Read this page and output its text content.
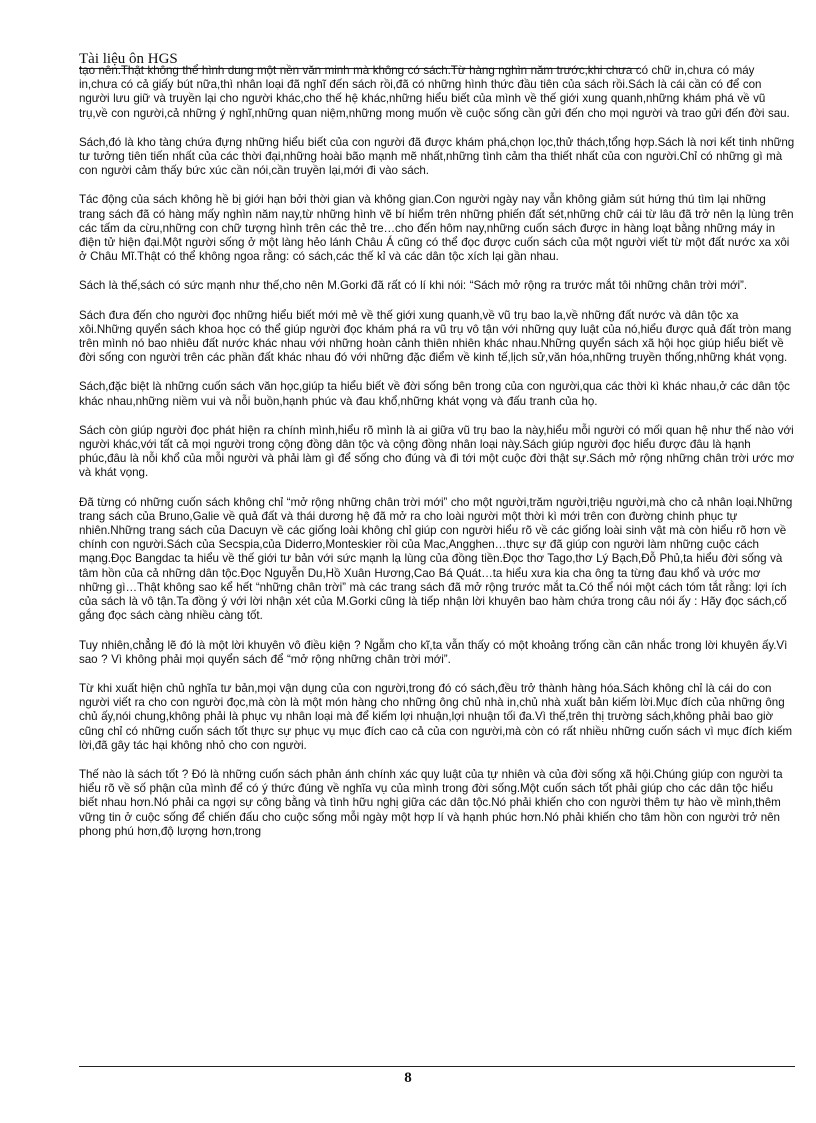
Tài liệu ôn HGS

tạo nên.Thật không thể hình dung một nền văn minh mà không có sách.Từ hàng nghìn năm trước,khi chưa có chữ in,chưa có máy in,chưa có cả giấy bút nữa,thì nhân loại đã nghĩ đến sách rồi,đã có những hình thức đầu tiên của sách rồi.Sách là cái cần có để con người lưu giữ và truyền lại cho người khác,cho thế hệ khác,những hiểu biết của mình về thế giới xung quanh,những khám phá về vũ trụ,về con người,cả những ý nghĩ,những quan niệm,những mong muốn về cuộc sống cần gửi đến cho mọi người và trao gửi đến đời sau.

Sách,đó là kho tàng chứa đựng những hiểu biết của con người đã được khám phá,chọn lọc,thử thách,tổng hợp.Sách là nơi kết tinh những tư tưởng tiên tiến nhất của các thời đại,những hoài bão mạnh mẽ nhất,những tình cảm tha thiết nhất của con người.Chỉ có những gì mà con người cảm thấy bức xúc cần nói,cần truyền lại,mới đi vào sách.

Tác động của sách không hề bị giới hạn bởi thời gian và không gian.Con người ngày nay vẫn không giảm sút hứng thú tìm lại những trang sách đã có hàng mấy nghìn năm nay,từ những hình vẽ bí hiểm trên những phiến đất sét,những chữ cái từ lâu đã trở nên lạ lùng trên các tấm da cừu,những con chữ tượng hình trên các thẻ tre…cho đến hôm nay,những cuốn sách được in hàng loạt bằng những máy in điện tử hiện đại.Một người sống ở một làng hẻo lánh Châu Á cũng có thể đọc được cuốn sách của một người viết từ một đất nước xa xôi ở Châu Mĩ.Thật có thể không ngoa rằng: có sách,các thế kỉ và các dân tộc xích lại gần nhau.

Sách là thế,sách có sức mạnh như thế,cho nên M.Gorki đã rất có lí khi nói: “Sách mở rộng ra trước mắt tôi những chân trời mới”.

Sách đưa đến cho người đọc những hiểu biết mới mẻ về thế giới xung quanh,về vũ trụ bao la,về những đất nước và dân tộc xa xôi.Những quyển sách khoa học có thể giúp người đọc khám phá ra vũ trụ vô tận với những quy luật của nó,hiểu được quả đất tròn mang trên mình nó bao nhiêu đất nước khác nhau với những hoàn cảnh thiên nhiên khác nhau.Những quyển sách xã hội học giúp hiểu biết về đời sống con người trên các phần đất khác nhau đó với những đặc điểm về kinh tế,lịch sử,văn hóa,những truyền thống,những khát vọng.

Sách,đặc biệt là những cuốn sách văn học,giúp ta hiểu biết về đời sống bên trong của con người,qua các thời kì khác nhau,ở các dân tộc khác nhau,những niềm vui và nỗi buồn,hạnh phúc và đau khổ,những khát vọng và đấu tranh của họ.

Sách còn giúp người đọc phát hiện ra chính mình,hiểu rõ mình là ai giữa vũ trụ bao la này,hiểu mỗi người có mối quan hệ như thế nào với người khác,với tất cả mọi người trong cộng đồng dân tộc và cộng đồng nhân loại này.Sách giúp người đọc hiểu được đâu là hạnh phúc,đâu là nỗi khổ của mỗi người và phải làm gì để sống cho đúng và đi tới một cuộc đời thật sự.Sách mở rộng những chân trời ước mơ và khát vọng.

Đã từng có những cuốn sách không chỉ “mở rộng những chân trời mới” cho một người,trăm người,triệu người,mà cho cả nhân loại.Những trang sách của Bruno,Galie về quả đất và thái dương hệ đã mở ra cho loài người một thời kì mới trên con đường chinh phục tự nhiên.Những trang sách của Dacuyn về các giống loài không chỉ giúp con người hiểu rõ về các giống loài sinh vật mà còn hiểu rõ hơn về chính con người.Sách của Secspia,của Diderro,Monteskier rồi của Mac,Angghen…thực sự đã giúp con người làm những cuộc cách mạng.Đọc Bangdac ta hiểu về thế giới tư bản với sức mạnh lạ lùng của đồng tiền.Đọc thơ Tago,thơ Lý Bạch,Đỗ Phủ,ta hiểu đời sống và tâm hồn của cả những dân tộc.Đọc Nguyễn Du,Hồ Xuân Hương,Cao Bá Quát…ta hiểu xưa kia cha ông ta từng đau khổ và ước mơ những gì…Thật không sao kể hết “những chân trời” mà các trang sách đã mở rộng trước mắt ta.Có thể nói một cách tóm tắt rằng: lợi ích của sách là vô tận.Ta đồng ý với lời nhận xét của M.Gorki cũng là tiếp nhận lời khuyên bao hàm chứa trong câu nói ấy : Hãy đọc sách,cố gắng đọc sách càng nhiều càng tốt.

Tuy nhiên,chẳng lẽ đó là một lời khuyên vô điều kiện ? Ngẫm cho kĩ,ta vẫn thấy có một khoảng trống cần cân nhắc trong lời khuyên ấy.Vì sao ? Vì không phải mọi quyển sách để “mở rộng những chân trời mới”.

Từ khi xuất hiện chủ nghĩa tư bản,mọi vận dụng của con người,trong đó có sách,đều trở thành hàng hóa.Sách không chỉ là cái do con người viết ra cho con người đọc,mà còn là một món hàng cho những ông chủ nhà in,chủ nhà xuất bản kiếm lời.Mục đích của những ông chủ ấy,nói chung,không phải là phục vụ nhân loại mà để kiếm lợi nhuận,lợi nhuận tối đa.Vì thế,trên thị trường sách,không phải bao giờ cũng chỉ có những cuốn sách tốt thực sự phục vụ mục đích cao cả của con người,mà còn có rất nhiều những cuốn sách vì mục đích kiếm lời,đã gây tác hại không nhỏ cho con người.

Thế nào là sách tốt ? Đó là những cuốn sách phản ánh chính xác quy luật của tự nhiên và của đời sống xã hội.Chúng giúp con người ta hiểu rõ về số phận của mình để có ý thức đúng về nghĩa vụ của mình trong đời sống.Một cuốn sách tốt phải giúp cho các dân tộc hiểu biết nhau hơn.Nó phải ca ngợi sự công bằng và tình hữu nghị giữa các dân tộc.Nó phải khiến cho con người thêm tự hào về mình,thêm vững tin ở cuộc sống để chiến đấu cho cuộc sống mỗi ngày một hợp lí và hạnh phúc hơn.Nó phải khiến cho tâm hồn con người trở nên phong phú hơn,độ lượng hơn,trong

8
